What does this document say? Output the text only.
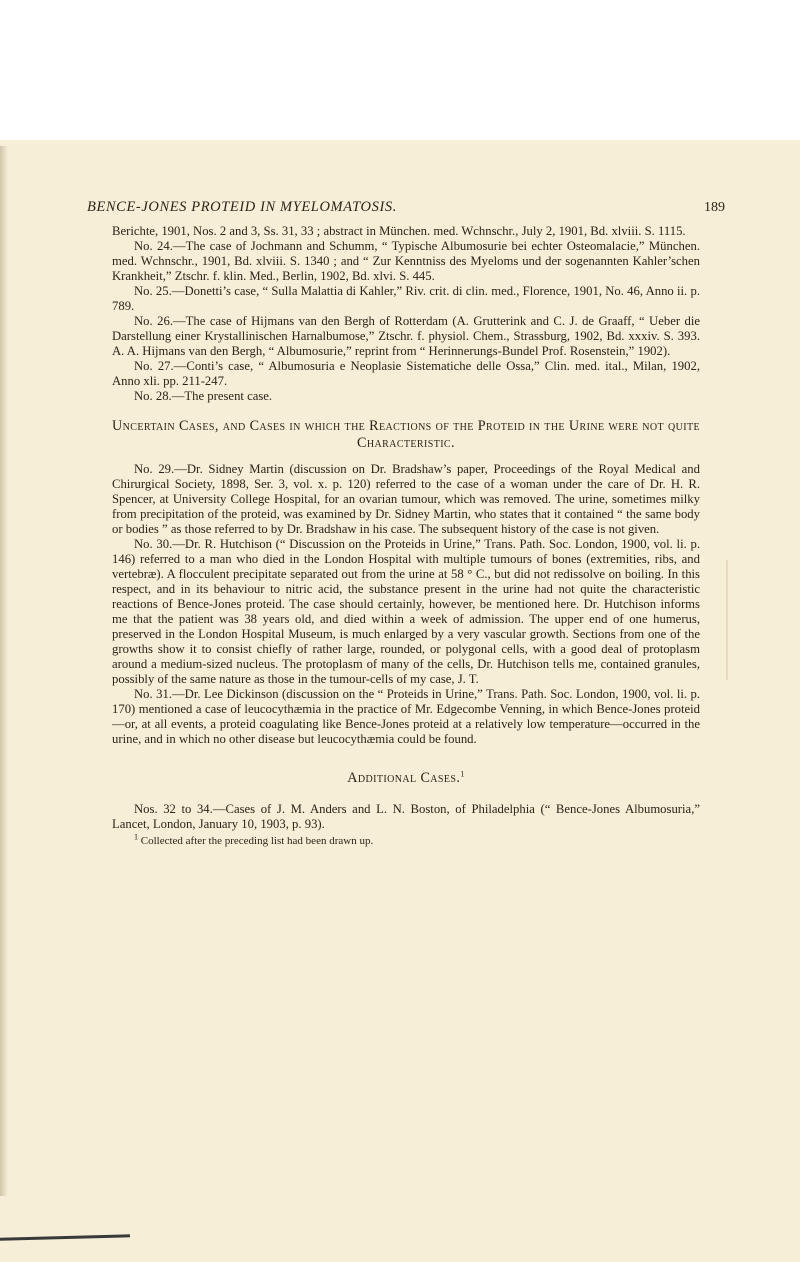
BENCE-JONES PROTEID IN MYELOMATOSIS.	189

Berichte, 1901, Nos. 2 and 3, Ss. 31, 33 ; abstract in München. med. Wchnschr., July 2, 1901, Bd. xlviii. S. 1115.

No. 24.—The case of Jochmann and Schumm, “ Typische Albumosurie bei echter Osteomalacie,” München. med. Wchnschr., 1901, Bd. xlviii. S. 1340 ; and “ Zur Kenntniss des Myeloms und der sogenannten Kahler’schen Krankheit,” Ztschr. f. klin. Med., Berlin, 1902, Bd. xlvi. S. 445.

No. 25.—Donetti’s case, “ Sulla Malattia di Kahler,” Riv. crit. di clin. med., Florence, 1901, No. 46, Anno ii. p. 789.

No. 26.—The case of Hijmans van den Bergh of Rotterdam (A. Grutterink and C. J. de Graaff, “ Ueber die Darstellung einer Krystallinischen Harnalbumose,” Ztschr. f. physiol. Chem., Strassburg, 1902, Bd. xxxiv. S. 393. A. A. Hijmans van den Bergh, “ Albumosurie,” reprint from “ Herinnerungs-Bundel Prof. Rosenstein,” 1902).

No. 27.—Conti’s case, “ Albumosuria e Neoplasie Sistematiche delle Ossa,” Clin. med. ital., Milan, 1902, Anno xli. pp. 211-247.

No. 28.—The present case.

Uncertain Cases, and Cases in which the Reactions of the Proteid in the Urine were not quite Characteristic.

No. 29.—Dr. Sidney Martin (discussion on Dr. Bradshaw’s paper, Proceedings of the Royal Medical and Chirurgical Society, 1898, Ser. 3, vol. x. p. 120) referred to the case of a woman under the care of Dr. H. R. Spencer, at University College Hospital, for an ovarian tumour, which was removed. The urine, sometimes milky from precipitation of the proteid, was examined by Dr. Sidney Martin, who states that it contained “ the same body or bodies ” as those referred to by Dr. Bradshaw in his case. The subsequent history of the case is not given.

No. 30.—Dr. R. Hutchison (“ Discussion on the Proteids in Urine,” Trans. Path. Soc. London, 1900, vol. li. p. 146) referred to a man who died in the London Hospital with multiple tumours of bones (extremities, ribs, and vertebræ). A flocculent precipitate separated out from the urine at 58 ° C., but did not redissolve on boiling. In this respect, and in its behaviour to nitric acid, the substance present in the urine had not quite the characteristic reactions of Bence-Jones proteid. The case should certainly, however, be mentioned here. Dr. Hutchison informs me that the patient was 38 years old, and died within a week of admission. The upper end of one humerus, preserved in the London Hospital Museum, is much enlarged by a very vascular growth. Sections from one of the growths show it to consist chiefly of rather large, rounded, or polygonal cells, with a good deal of protoplasm around a medium-sized nucleus. The protoplasm of many of the cells, Dr. Hutchison tells me, contained granules, possibly of the same nature as those in the tumour-cells of my case, J. T.

No. 31.—Dr. Lee Dickinson (discussion on the “ Proteids in Urine,” Trans. Path. Soc. London, 1900, vol. li. p. 170) mentioned a case of leucocythæmia in the practice of Mr. Edgecombe Venning, in which Bence-Jones proteid—or, at all events, a proteid coagulating like Bence-Jones proteid at a relatively low temperature—occurred in the urine, and in which no other disease but leucocythæmia could be found.

Additional Cases.$^1$

Nos. 32 to 34.—Cases of J. M. Anders and L. N. Boston, of Philadelphia (“ Bence-Jones Albumosuria,” Lancet, London, January 10, 1903, p. 93).

$^1$ Collected after the preceding list had been drawn up.
